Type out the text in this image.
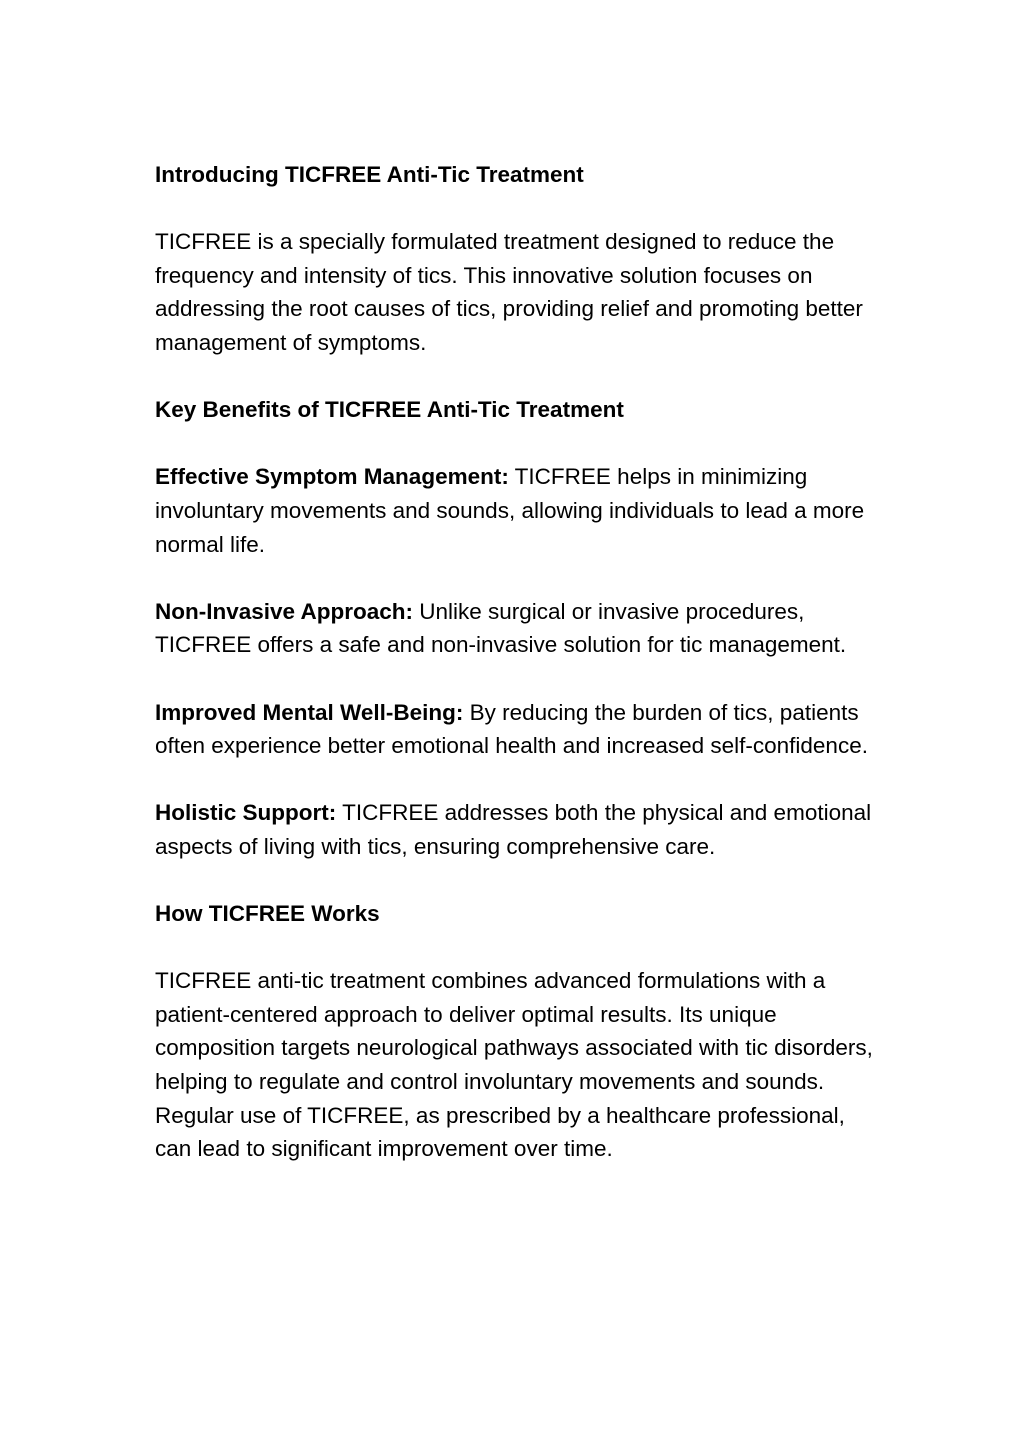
Introducing TICFREE Anti-Tic Treatment

TICFREE is a specially formulated treatment designed to reduce the frequency and intensity of tics. This innovative solution focuses on addressing the root causes of tics, providing relief and promoting better management of symptoms.

Key Benefits of TICFREE Anti-Tic Treatment

Effective Symptom Management: TICFREE helps in minimizing involuntary movements and sounds, allowing individuals to lead a more normal life.

Non-Invasive Approach: Unlike surgical or invasive procedures, TICFREE offers a safe and non-invasive solution for tic management.

Improved Mental Well-Being: By reducing the burden of tics, patients often experience better emotional health and increased self-confidence.

Holistic Support: TICFREE addresses both the physical and emotional aspects of living with tics, ensuring comprehensive care.

How TICFREE Works

TICFREE anti-tic treatment combines advanced formulations with a patient-centered approach to deliver optimal results. Its unique composition targets neurological pathways associated with tic disorders, helping to regulate and control involuntary movements and sounds. Regular use of TICFREE, as prescribed by a healthcare professional, can lead to significant improvement over time.
